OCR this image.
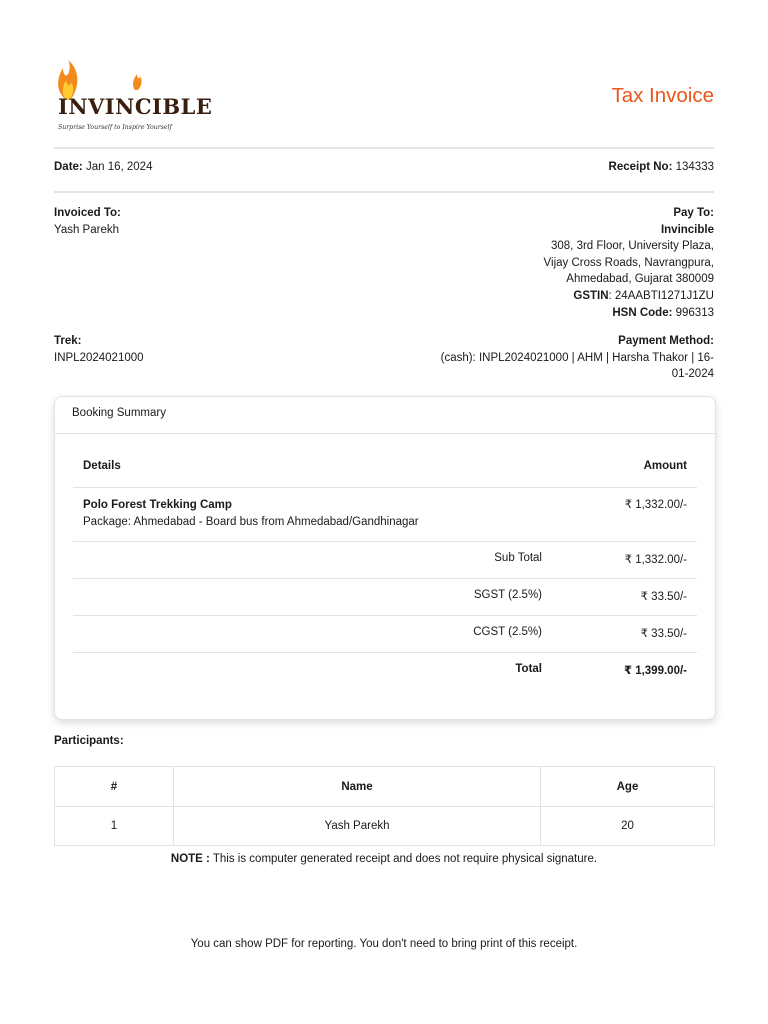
INVINCIBLE
Surprise Yourself to Inspire Yourself
Tax Invoice
Date: Jan 16, 2024	Receipt No: 134333
Invoiced To:
Yash Parekh
Pay To:
Invincible
308, 3rd Floor, University Plaza,
Vijay Cross Roads, Navrangpura,
Ahmedabad, Gujarat 380009
GSTIN: 24AABTI1271J1ZU
HSN Code: 996313
Trek:
INPL2024021000
Payment Method:
(cash): INPL2024021000 | AHM | Harsha Thakor | 16-
01-2024
Booking Summary
Details	Amount

Polo Forest Trekking Camp
Package: Ahmedabad - Board bus from Ahmedabad/Gandhinagar	₹ 1,332.00/-
Sub Total	₹ 1,332.00/-
SGST (2.5%)	₹ 33.50/-
CGST (2.5%)	₹ 33.50/-
Total	₹ 1,399.00/-
Participants:
#	Name	Age
1	Yash Parekh	20
NOTE : This is computer generated receipt and does not require physical signature.
You can show PDF for reporting. You don't need to bring print of this receipt.
